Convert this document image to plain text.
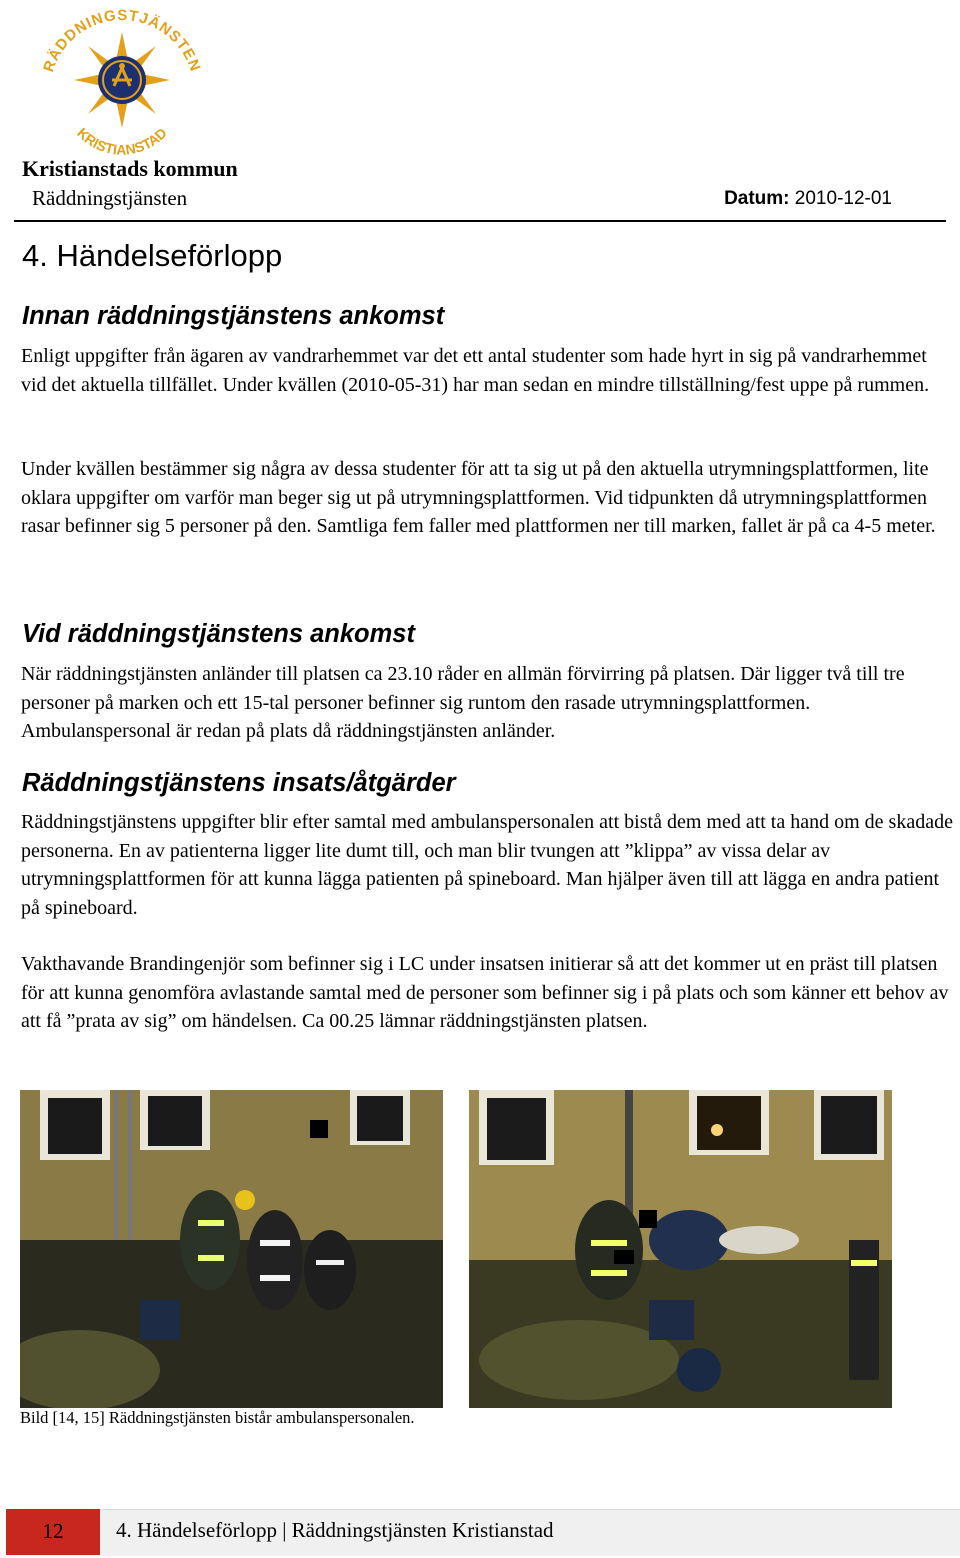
RÄDDNINGSTJÄNSTEN
KRISTIANSTAD
Kristianstads kommun
Räddningstjänsten	Datum: 2010-12-01
4. Händelseförlopp
Innan räddningstjänstens ankomst
Enligt uppgifter från ägaren av vandrarhemmet var det ett antal studenter som hade hyrt in sig på vandrarhemmet vid det aktuella tillfället. Under kvällen (2010-05-31) har man sedan en mindre tillställning/fest uppe på rummen.
Under kvällen bestämmer sig några av dessa studenter för att ta sig ut på den aktuella utrymningsplattformen, lite oklara uppgifter om varför man beger sig ut på utrymningsplattformen. Vid tidpunkten då utrymningsplattformen rasar befinner sig 5 personer på den. Samtliga fem faller med plattformen ner till marken, fallet är på ca 4-5 meter.
Vid räddningstjänstens ankomst
När räddningstjänsten anländer till platsen ca 23.10 råder en allmän förvirring på platsen. Där ligger två till tre personer på marken och ett 15-tal personer befinner sig runtom den rasade utrymningsplattformen. Ambulanspersonal är redan på plats då räddningstjänsten anländer.
Räddningstjänstens insats/åtgärder
Räddningstjänstens uppgifter blir efter samtal med ambulanspersonalen att bistå dem med att ta hand om de skadade personerna. En av patienterna ligger lite dumt till, och man blir tvungen att ”klippa” av vissa delar av utrymningsplattformen för att kunna lägga patienten på spineboard. Man hjälper även till att lägga en andra patient på spineboard.
Vakthavande Brandingenjör som befinner sig i LC under insatsen initierar så att det kommer ut en präst till platsen för att kunna genomföra avlastande samtal med de personer som befinner sig i på plats och som känner ett behov av att få ”prata av sig” om händelsen. Ca 00.25 lämnar räddningstjänsten platsen.
Bild [14, 15] Räddningstjänsten bistår ambulanspersonalen.
12	4. Händelseförlopp | Räddningstjänsten Kristianstad
